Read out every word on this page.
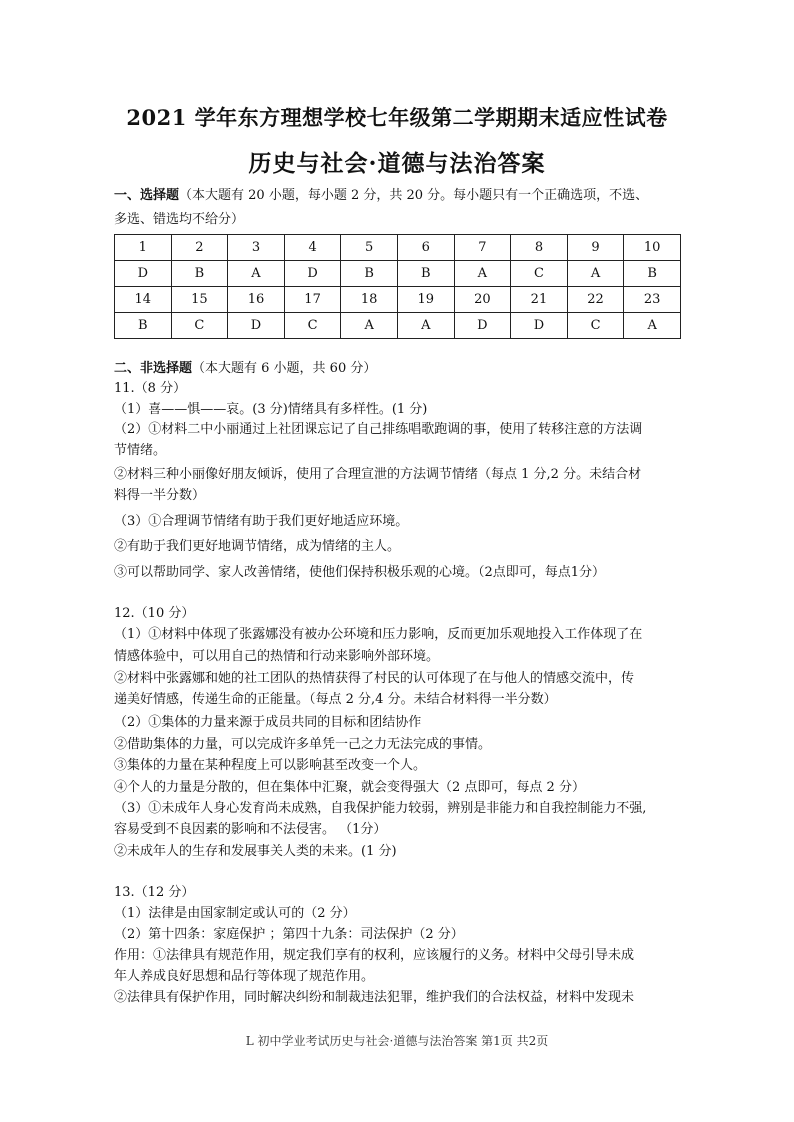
2021 学年东方理想学校七年级第二学期期末适应性试卷
历史与社会·道德与法治答案
一、选择题（本大题有 20 小题，每小题 2 分，共 20 分。每小题只有一个正确选项，不选、
多选、错选均不给分）
1	2	3	4	5	6	7	8	9	10
D	B	A	D	B	B	A	C	A	B
14	15	16	17	18	19	20	21	22	23
B	C	D	C	A	A	D	D	C	A
二、非选择题（本大题有 6 小题，共 60 分）
11.（8 分）
（1）喜——惧——哀。(3 分)情绪具有多样性。(1 分)
（2）①材料二中小丽通过上社团课忘记了自己排练唱歌跑调的事，使用了转移注意的方法调
节情绪。
②材料三种小丽像好朋友倾诉，使用了合理宣泄的方法调节情绪（每点 1 分,2 分。未结合材
料得一半分数）
（3）①合理调节情绪有助于我们更好地适应环境。
②有助于我们更好地调节情绪，成为情绪的主人。
③可以帮助同学、家人改善情绪，使他们保持积极乐观的心境。（2点即可，每点1分）
12.（10 分）
（1）①材料中体现了张露娜没有被办公环境和压力影响，反而更加乐观地投入工作体现了在
情感体验中，可以用自己的热情和行动来影响外部环境。
②材料中张露娜和她的社工团队的热情获得了村民的认可体现了在与他人的情感交流中，传
递美好情感，传递生命的正能量。（每点 2 分,4 分。未结合材料得一半分数）
（2）①集体的力量来源于成员共同的目标和团结协作
②借助集体的力量，可以完成许多单凭一己之力无法完成的事情。
③集体的力量在某种程度上可以影响甚至改变一个人。
④个人的力量是分散的，但在集体中汇聚，就会变得强大（2 点即可，每点 2 分）
（3）①未成年人身心发育尚未成熟，自我保护能力较弱，辨别是非能力和自我控制能力不强,
容易受到不良因素的影响和不法侵害。 （1分）
②未成年人的生存和发展事关人类的未来。(1 分)
13.（12 分）
（1）法律是由国家制定或认可的（2 分）
（2）第十四条：家庭保护 ；第四十九条：司法保护（2 分）
作用：①法律具有规范作用，规定我们享有的权利，应该履行的义务。材料中父母引导未成
年人养成良好思想和品行等体现了规范作用。
②法律具有保护作用，同时解决纠纷和制裁违法犯罪，维护我们的合法权益，材料中发现未
L 初中学业考试历史与社会·道德与法治答案 第1页 共2页
